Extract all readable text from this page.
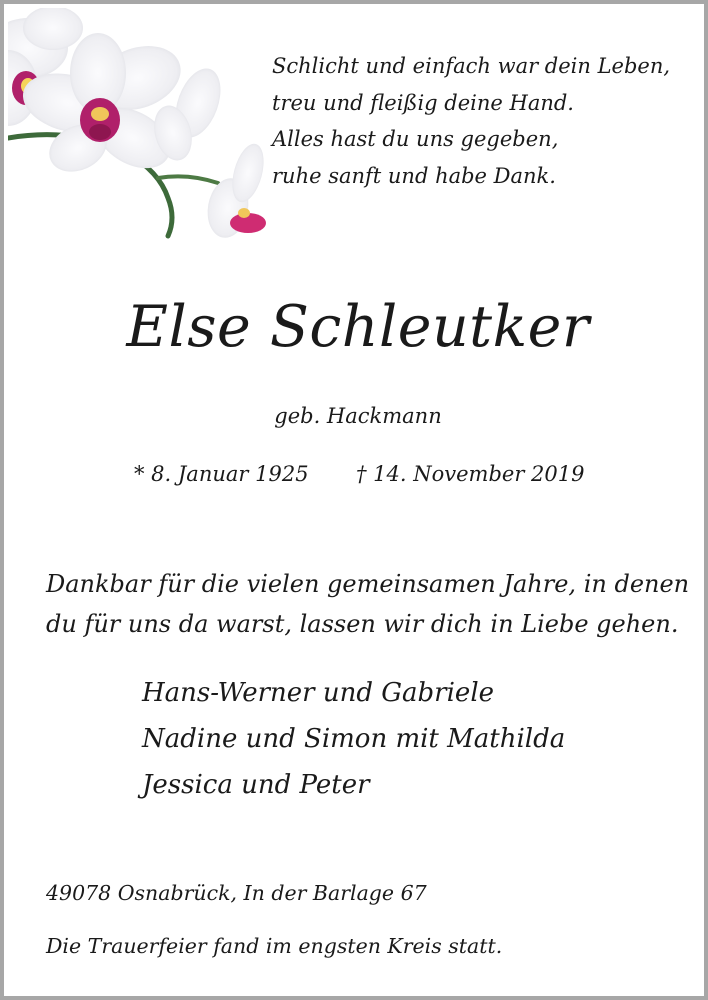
Schlicht und einfach war dein Leben,
treu und fleißig deine Hand.
Alles hast du uns gegeben,
ruhe sanft und habe Dank.
Else Schleutker
geb. Hackmann
* 8. Januar 1925 † 14. November 2019
Dankbar für die vielen gemeinsamen Jahre, in denen
du für uns da warst, lassen wir dich in Liebe gehen.
Hans-Werner und Gabriele
Nadine und Simon mit Mathilda
Jessica und Peter
49078 Osnabrück, In der Barlage 67
Die Trauerfeier fand im engsten Kreis statt.
